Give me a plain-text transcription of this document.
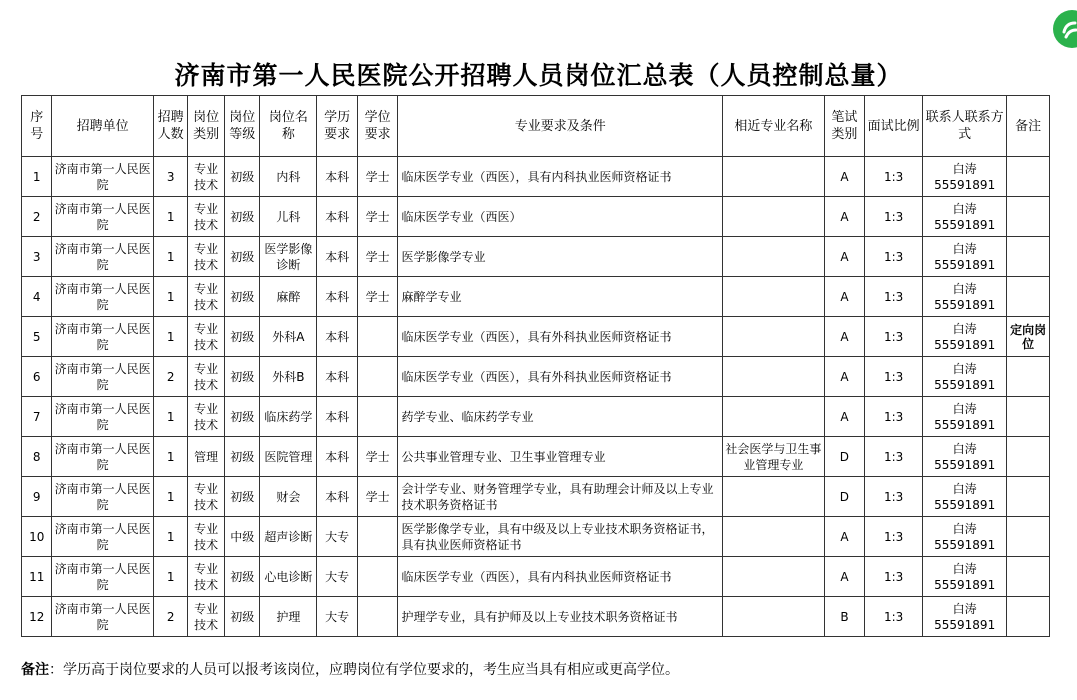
济南市第一人民医院公开招聘人员岗位汇总表（人员控制总量）
序号	招聘单位	招聘人数	岗位类别	岗位等级	岗位名称	学历要求	学位要求	专业要求及条件	相近专业名称	笔试类别	面试比例	联系人联系方式	备注
1	济南市第一人民医院	3	专业技术	初级	内科	本科	学士	临床医学专业（西医），具有内科执业医师资格证书		A	1:3	白涛55591891	
2	济南市第一人民医院	1	专业技术	初级	儿科	本科	学士	临床医学专业（西医）		A	1:3	白涛55591891	
3	济南市第一人民医院	1	专业技术	初级	医学影像诊断	本科	学士	医学影像学专业		A	1:3	白涛55591891	
4	济南市第一人民医院	1	专业技术	初级	麻醉	本科	学士	麻醉学专业		A	1:3	白涛55591891	
5	济南市第一人民医院	1	专业技术	初级	外科A	本科		临床医学专业（西医），具有外科执业医师资格证书		A	1:3	白涛55591891	定向岗位
6	济南市第一人民医院	2	专业技术	初级	外科B	本科		临床医学专业（西医），具有外科执业医师资格证书		A	1:3	白涛55591891	
7	济南市第一人民医院	1	专业技术	初级	临床药学	本科		药学专业、临床药学专业		A	1:3	白涛55591891	
8	济南市第一人民医院	1	管理	初级	医院管理	本科	学士	公共事业管理专业、卫生事业管理专业	社会医学与卫生事业管理专业	D	1:3	白涛55591891	
9	济南市第一人民医院	1	专业技术	初级	财会	本科	学士	会计学专业、财务管理学专业，具有助理会计师及以上专业技术职务资格证书		D	1:3	白涛55591891	
10	济南市第一人民医院	1	专业技术	中级	超声诊断	大专		医学影像学专业，具有中级及以上专业技术职务资格证书，具有执业医师资格证书		A	1:3	白涛55591891	
11	济南市第一人民医院	1	专业技术	初级	心电诊断	大专		临床医学专业（西医），具有内科执业医师资格证书		A	1:3	白涛55591891	
12	济南市第一人民医院	2	专业技术	初级	护理	大专		护理学专业，具有护师及以上专业技术职务资格证书		B	1:3	白涛55591891	
备注：学历高于岗位要求的人员可以报考该岗位，应聘岗位有学位要求的，考生应当具有相应或更高学位。
